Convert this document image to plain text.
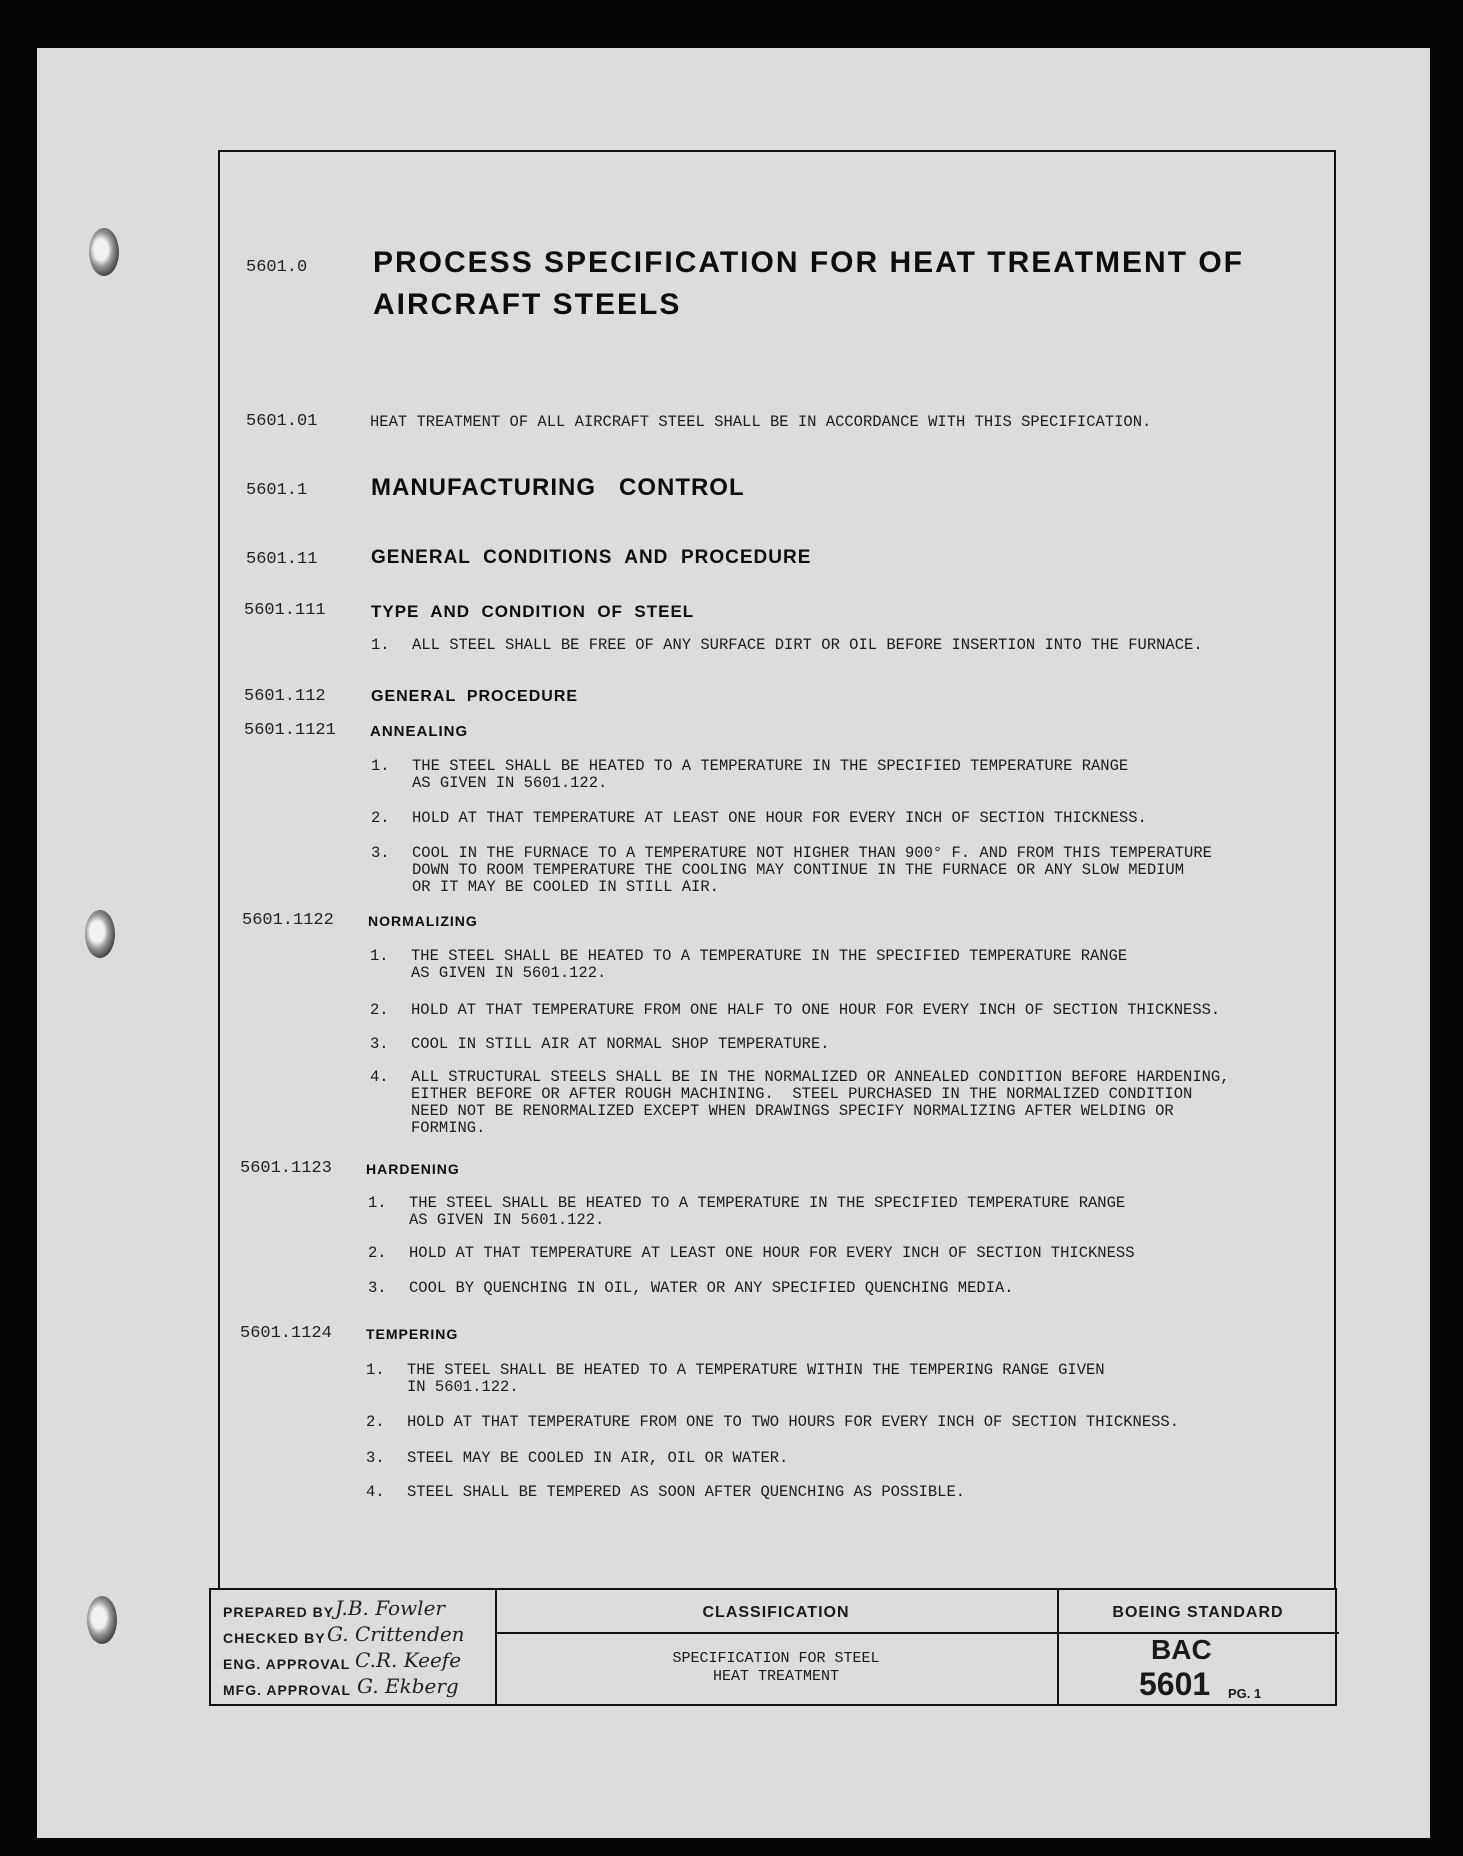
5601.0 PROCESS SPECIFICATION FOR HEAT TREATMENT OF
AIRCRAFT STEELS
5601.01	HEAT TREATMENT OF ALL AIRCRAFT STEEL SHALL BE IN ACCORDANCE WITH THIS SPECIFICATION.
5601.1	MANUFACTURING   CONTROL
5601.11	GENERAL  CONDITIONS  AND  PROCEDURE
5601.111	TYPE  AND  CONDITION  OF  STEEL
1. ALL STEEL SHALL BE FREE OF ANY SURFACE DIRT OR OIL BEFORE INSERTION INTO THE FURNACE.
5601.112	GENERAL  PROCEDURE
5601.1121 ANNEALING
1. THE STEEL SHALL BE HEATED TO A TEMPERATURE IN THE SPECIFIED TEMPERATURE RANGE
AS GIVEN IN 5601.122.
2. HOLD AT THAT TEMPERATURE AT LEAST ONE HOUR FOR EVERY INCH OF SECTION THICKNESS.
3. COOL IN THE FURNACE TO A TEMPERATURE NOT HIGHER THAN 900° F. AND FROM THIS TEMPERATURE
DOWN TO ROOM TEMPERATURE THE COOLING MAY CONTINUE IN THE FURNACE OR ANY SLOW MEDIUM
OR IT MAY BE COOLED IN STILL AIR.
5601.1122 NORMALIZING
1. THE STEEL SHALL BE HEATED TO A TEMPERATURE IN THE SPECIFIED TEMPERATURE RANGE
AS GIVEN IN 5601.122.
2. HOLD AT THAT TEMPERATURE FROM ONE HALF TO ONE HOUR FOR EVERY INCH OF SECTION THICKNESS.
3. COOL IN STILL AIR AT NORMAL SHOP TEMPERATURE.
4. ALL STRUCTURAL STEELS SHALL BE IN THE NORMALIZED OR ANNEALED CONDITION BEFORE HARDENING,
EITHER BEFORE OR AFTER ROUGH MACHINING.  STEEL PURCHASED IN THE NORMALIZED CONDITION
NEED NOT BE RENORMALIZED EXCEPT WHEN DRAWINGS SPECIFY NORMALIZING AFTER WELDING OR
FORMING.
5601.1123 HARDENING
1. THE STEEL SHALL BE HEATED TO A TEMPERATURE IN THE SPECIFIED TEMPERATURE RANGE
AS GIVEN IN 5601.122.
2. HOLD AT THAT TEMPERATURE AT LEAST ONE HOUR FOR EVERY INCH OF SECTION THICKNESS
3. COOL BY QUENCHING IN OIL, WATER OR ANY SPECIFIED QUENCHING MEDIA.
5601.1124 TEMPERING
1. THE STEEL SHALL BE HEATED TO A TEMPERATURE WITHIN THE TEMPERING RANGE GIVEN
IN 5601.122.
2. HOLD AT THAT TEMPERATURE FROM ONE TO TWO HOURS FOR EVERY INCH OF SECTION THICKNESS.
3. STEEL MAY BE COOLED IN AIR, OIL OR WATER.
4. STEEL SHALL BE TEMPERED AS SOON AFTER QUENCHING AS POSSIBLE.
PREPARED BY J.B. Fowler
CHECKED BY G. Crittenden
ENG. APPROVAL C.R. Keefe
MFG. APPROVAL G. Ekberg
CLASSIFICATION
SPECIFICATION FOR STEEL
HEAT TREATMENT
BOEING STANDARD
BAC
5601 PG. 1
